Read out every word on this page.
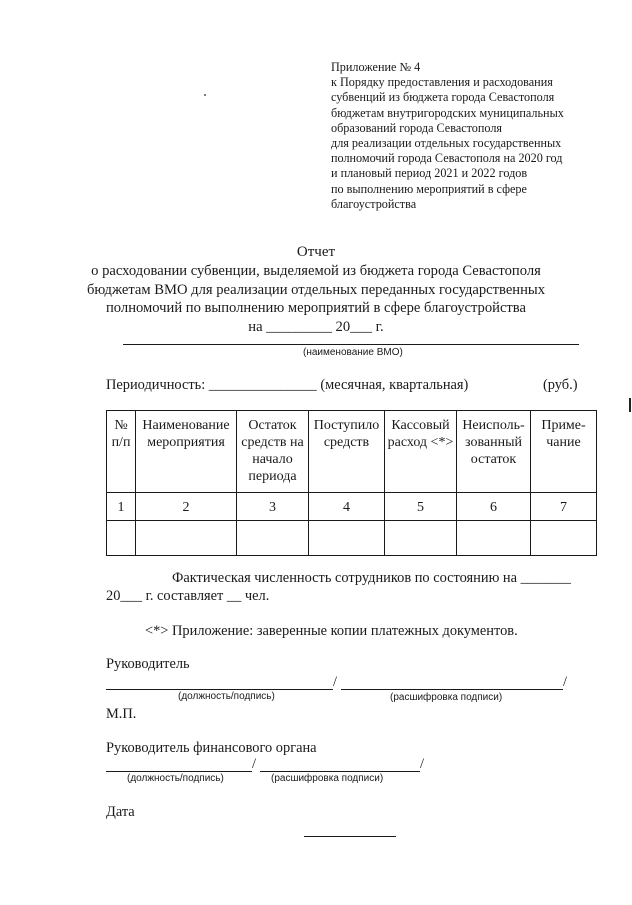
Приложение № 4
к Порядку предоставления и расходования
субвенций из бюджета города Севастополя
бюджетам внутригородских муниципальных
образований города Севастополя
для реализации отдельных государственных
полномочий города Севастополя на 2020 год
и плановый период 2021 и 2022 годов
по выполнению мероприятий в сфере
благоустройства
Отчет
о расходовании субвенции, выделяемой из бюджета города Севастополя
бюджетам ВМО для реализации отдельных переданных государственных
полномочий по выполнению мероприятий в сфере благоустройства
на _________ 20___ г.
(наименование ВМО)
Периодичность: _______________ (месячная, квартальная)	(руб.)
№ п/п	Наименование мероприятия	Остаток средств на начало периода	Поступило средств	Кассовый расход <*>	Неисполь-зованный остаток	Приме-чание
1	2	3	4	5	6	7

Фактическая численность сотрудников по состоянию на _______
20___ г. составляет __ чел.
<*> Приложение: заверенные копии платежных документов.
Руководитель
/	/
(должность/подпись)	(расшифровка подписи)
М.П.
Руководитель финансового органа
/	/
(должность/подпись)	(расшифровка подписи)
Дата
